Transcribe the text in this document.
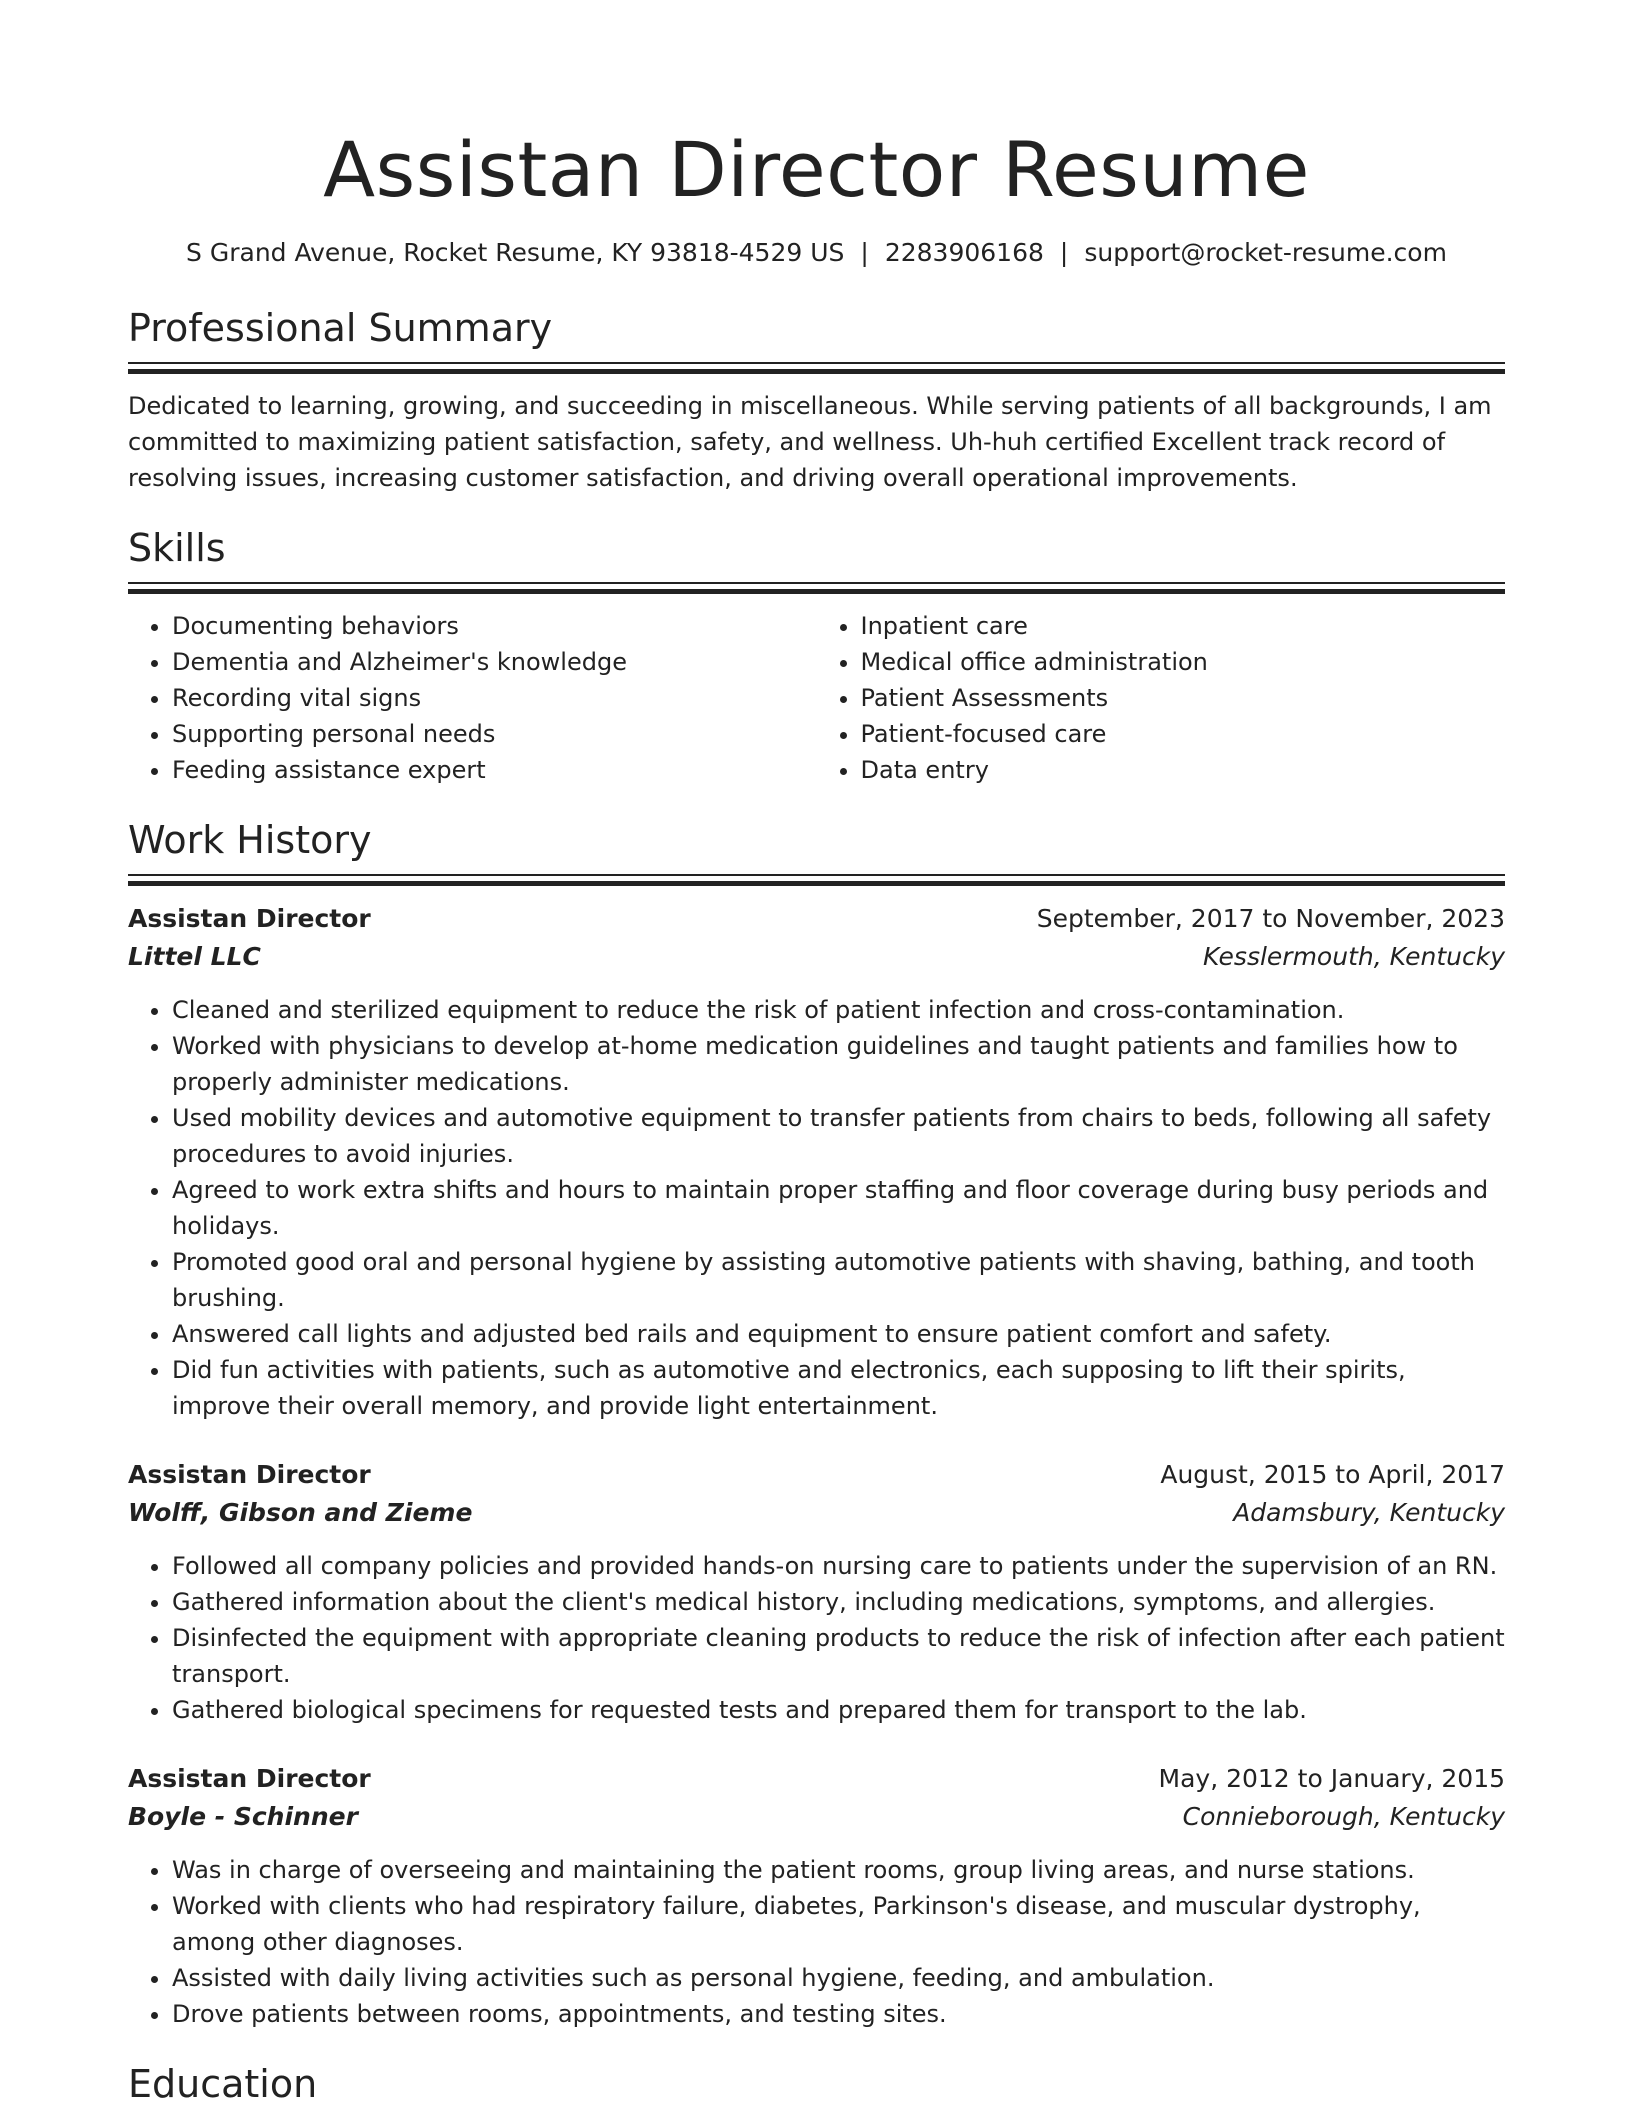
Assistan Director Resume
S Grand Avenue, Rocket Resume, KY 93818-4529 US | 2283906168 | support@rocket-resume.com
Professional Summary
Dedicated to learning, growing, and succeeding in miscellaneous. While serving patients of all backgrounds, I am committed to maximizing patient satisfaction, safety, and wellness. Uh-huh certified Excellent track record of resolving issues, increasing customer satisfaction, and driving overall operational improvements.
Skills
• Documenting behaviors
• Dementia and Alzheimer's knowledge
• Recording vital signs
• Supporting personal needs
• Feeding assistance expert
• Inpatient care
• Medical office administration
• Patient Assessments
• Patient-focused care
• Data entry
Work History
Assistan Director	September, 2017 to November, 2023
Littel LLC	Kesslermouth, Kentucky
• Cleaned and sterilized equipment to reduce the risk of patient infection and cross-contamination.
• Worked with physicians to develop at-home medication guidelines and taught patients and families how to properly administer medications.
• Used mobility devices and automotive equipment to transfer patients from chairs to beds, following all safety procedures to avoid injuries.
• Agreed to work extra shifts and hours to maintain proper staffing and floor coverage during busy periods and holidays.
• Promoted good oral and personal hygiene by assisting automotive patients with shaving, bathing, and tooth brushing.
• Answered call lights and adjusted bed rails and equipment to ensure patient comfort and safety.
• Did fun activities with patients, such as automotive and electronics, each supposing to lift their spirits, improve their overall memory, and provide light entertainment.
Assistan Director	August, 2015 to April, 2017
Wolff, Gibson and Zieme	Adamsbury, Kentucky
• Followed all company policies and provided hands-on nursing care to patients under the supervision of an RN.
• Gathered information about the client's medical history, including medications, symptoms, and allergies.
• Disinfected the equipment with appropriate cleaning products to reduce the risk of infection after each patient transport.
• Gathered biological specimens for requested tests and prepared them for transport to the lab.
Assistan Director	May, 2012 to January, 2015
Boyle - Schinner	Connieborough, Kentucky
• Was in charge of overseeing and maintaining the patient rooms, group living areas, and nurse stations.
• Worked with clients who had respiratory failure, diabetes, Parkinson's disease, and muscular dystrophy, among other diagnoses.
• Assisted with daily living activities such as personal hygiene, feeding, and ambulation.
• Drove patients between rooms, appointments, and testing sites.
Education
